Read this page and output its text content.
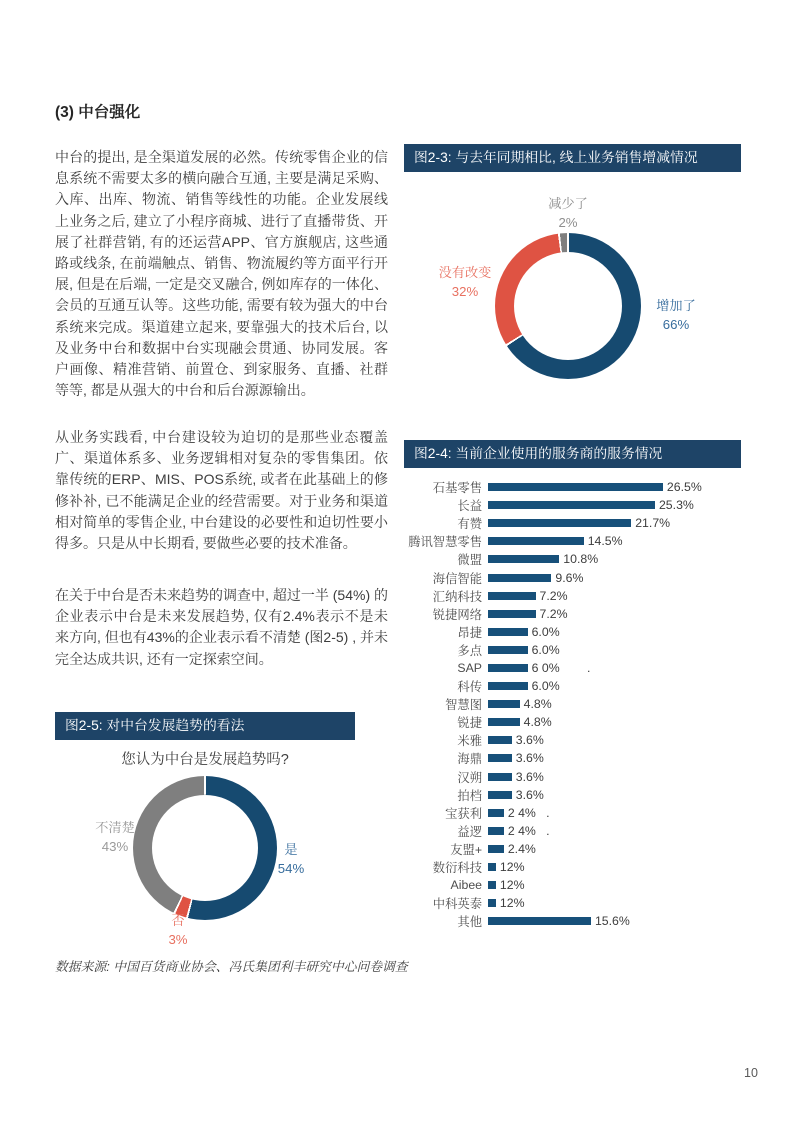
(3) 中台强化
中台的提出, 是全渠道发展的必然。传统零售企业的信息系统不需要太多的横向融合互通, 主要是满足采购、入库、出库、物流、销售等线性的功能。企业发展线上业务之后, 建立了小程序商城、进行了直播带货、开展了社群营销, 有的还运营APP、官方旗舰店, 这些通路或线条, 在前端触点、销售、物流履约等方面平行开展, 但是在后端, 一定是交叉融合, 例如库存的一体化、会员的互通互认等。这些功能, 需要有较为强大的中台系统来完成。渠道建立起来, 要靠强大的技术后台, 以及业务中台和数据中台实现融会贯通、协同发展。客户画像、精准营销、前置仓、到家服务、直播、社群等等, 都是从强大的中台和后台源源输出。
从业务实践看, 中台建设较为迫切的是那些业态覆盖广、渠道体系多、业务逻辑相对复杂的零售集团。依靠传统的ERP、MIS、POS系统, 或者在此基础上的修修补补, 已不能满足企业的经营需要。对于业务和渠道相对简单的零售企业, 中台建设的必要性和迫切性要小得多。只是从中长期看, 要做些必要的技术准备。
在关于中台是否未来趋势的调查中, 超过一半 (54%) 的企业表示中台是未来发展趋势, 仅有2.4%表示不是未来方向, 但也有43%的企业表示看不清楚 (图2-5) , 并未完全达成共识, 还有一定探索空间。
图2-3: 与去年同期相比, 线上业务销售增减情况
减少了
2%
没有改变
32%
增加了
66%
图2-4: 当前企业使用的服务商的服务情况
石基零售	26.5%
长益	25.3%
有赞	21.7%
腾讯智慧零售	14.5%
微盟	10.8%
海信智能	9.6%
汇纳科技	7.2%
锐捷网络	7.2%
昂捷	6.0%
多点	6.0%
SAP	6 0%        .
科传	6.0%
智慧图	4.8%
锐捷	4.8%
米雅	3.6%
海鼎	3.6%
汉朔	3.6%
拍档	3.6%
宝获利 2 4%   .
益逻 2 4%   .
友盟+ 2.4%
数衍科技 12%
Aibee 12%
中科英泰 12%
其他	15.6%
图2-5: 对中台发展趋势的看法
您认为中台是发展趋势吗?
不清楚
43%	是
54%
否
3%
数据来源: 中国百货商业协会、冯氏集团利丰研究中心问卷调查
10
